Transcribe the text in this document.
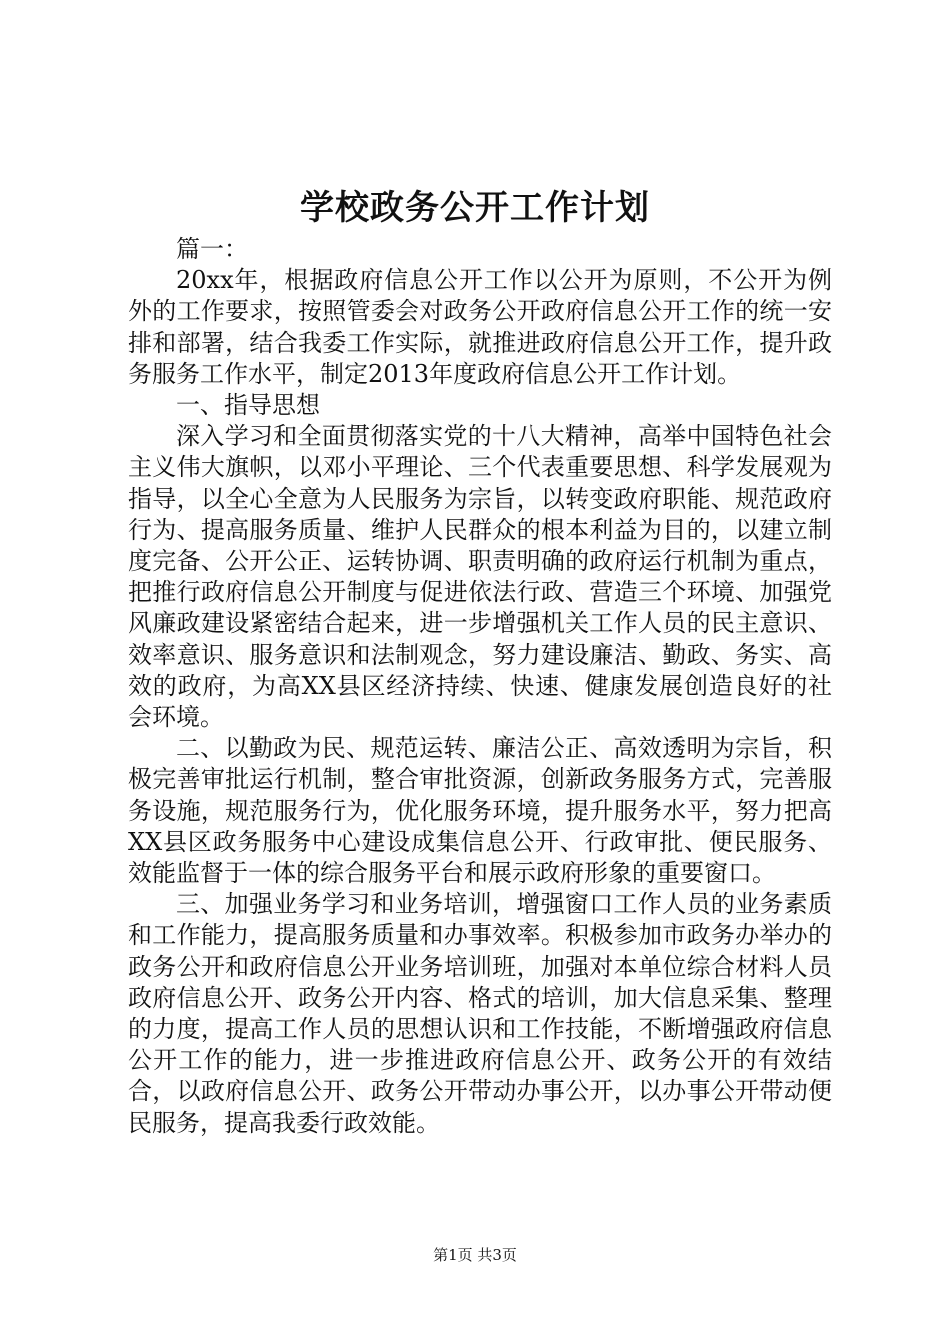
学校政务公开工作计划

篇一：

20xx年，根据政府信息公开工作以公开为原则，不公开为例外的工作要求，按照管委会对政务公开政府信息公开工作的统一安排和部署，结合我委工作实际，就推进政府信息公开工作，提升政务服务工作水平，制定2013年度政府信息公开工作计划。

一、指导思想

深入学习和全面贯彻落实党的十八大精神，高举中国特色社会主义伟大旗帜，以邓小平理论、三个代表重要思想、科学发展观为指导，以全心全意为人民服务为宗旨，以转变政府职能、规范政府行为、提高服务质量、维护人民群众的根本利益为目的，以建立制度完备、公开公正、运转协调、职责明确的政府运行机制为重点，把推行政府信息公开制度与促进依法行政、营造三个环境、加强党风廉政建设紧密结合起来，进一步增强机关工作人员的民主意识、效率意识、服务意识和法制观念，努力建设廉洁、勤政、务实、高效的政府，为高XX县区经济持续、快速、健康发展创造良好的社会环境。

二、以勤政为民、规范运转、廉洁公正、高效透明为宗旨，积极完善审批运行机制，整合审批资源，创新政务服务方式，完善服务设施，规范服务行为，优化服务环境，提升服务水平，努力把高XX县区政务服务中心建设成集信息公开、行政审批、便民服务、效能监督于一体的综合服务平台和展示政府形象的重要窗口。

三、加强业务学习和业务培训，增强窗口工作人员的业务素质和工作能力，提高服务质量和办事效率。积极参加市政务办举办的政务公开和政府信息公开业务培训班，加强对本单位综合材料人员政府信息公开、政务公开内容、格式的培训，加大信息采集、整理的力度，提高工作人员的思想认识和工作技能，不断增强政府信息公开工作的能力，进一步推进政府信息公开、政务公开的有效结合，以政府信息公开、政务公开带动办事公开，以办事公开带动便民服务，提高我委行政效能。

第1页 共3页
